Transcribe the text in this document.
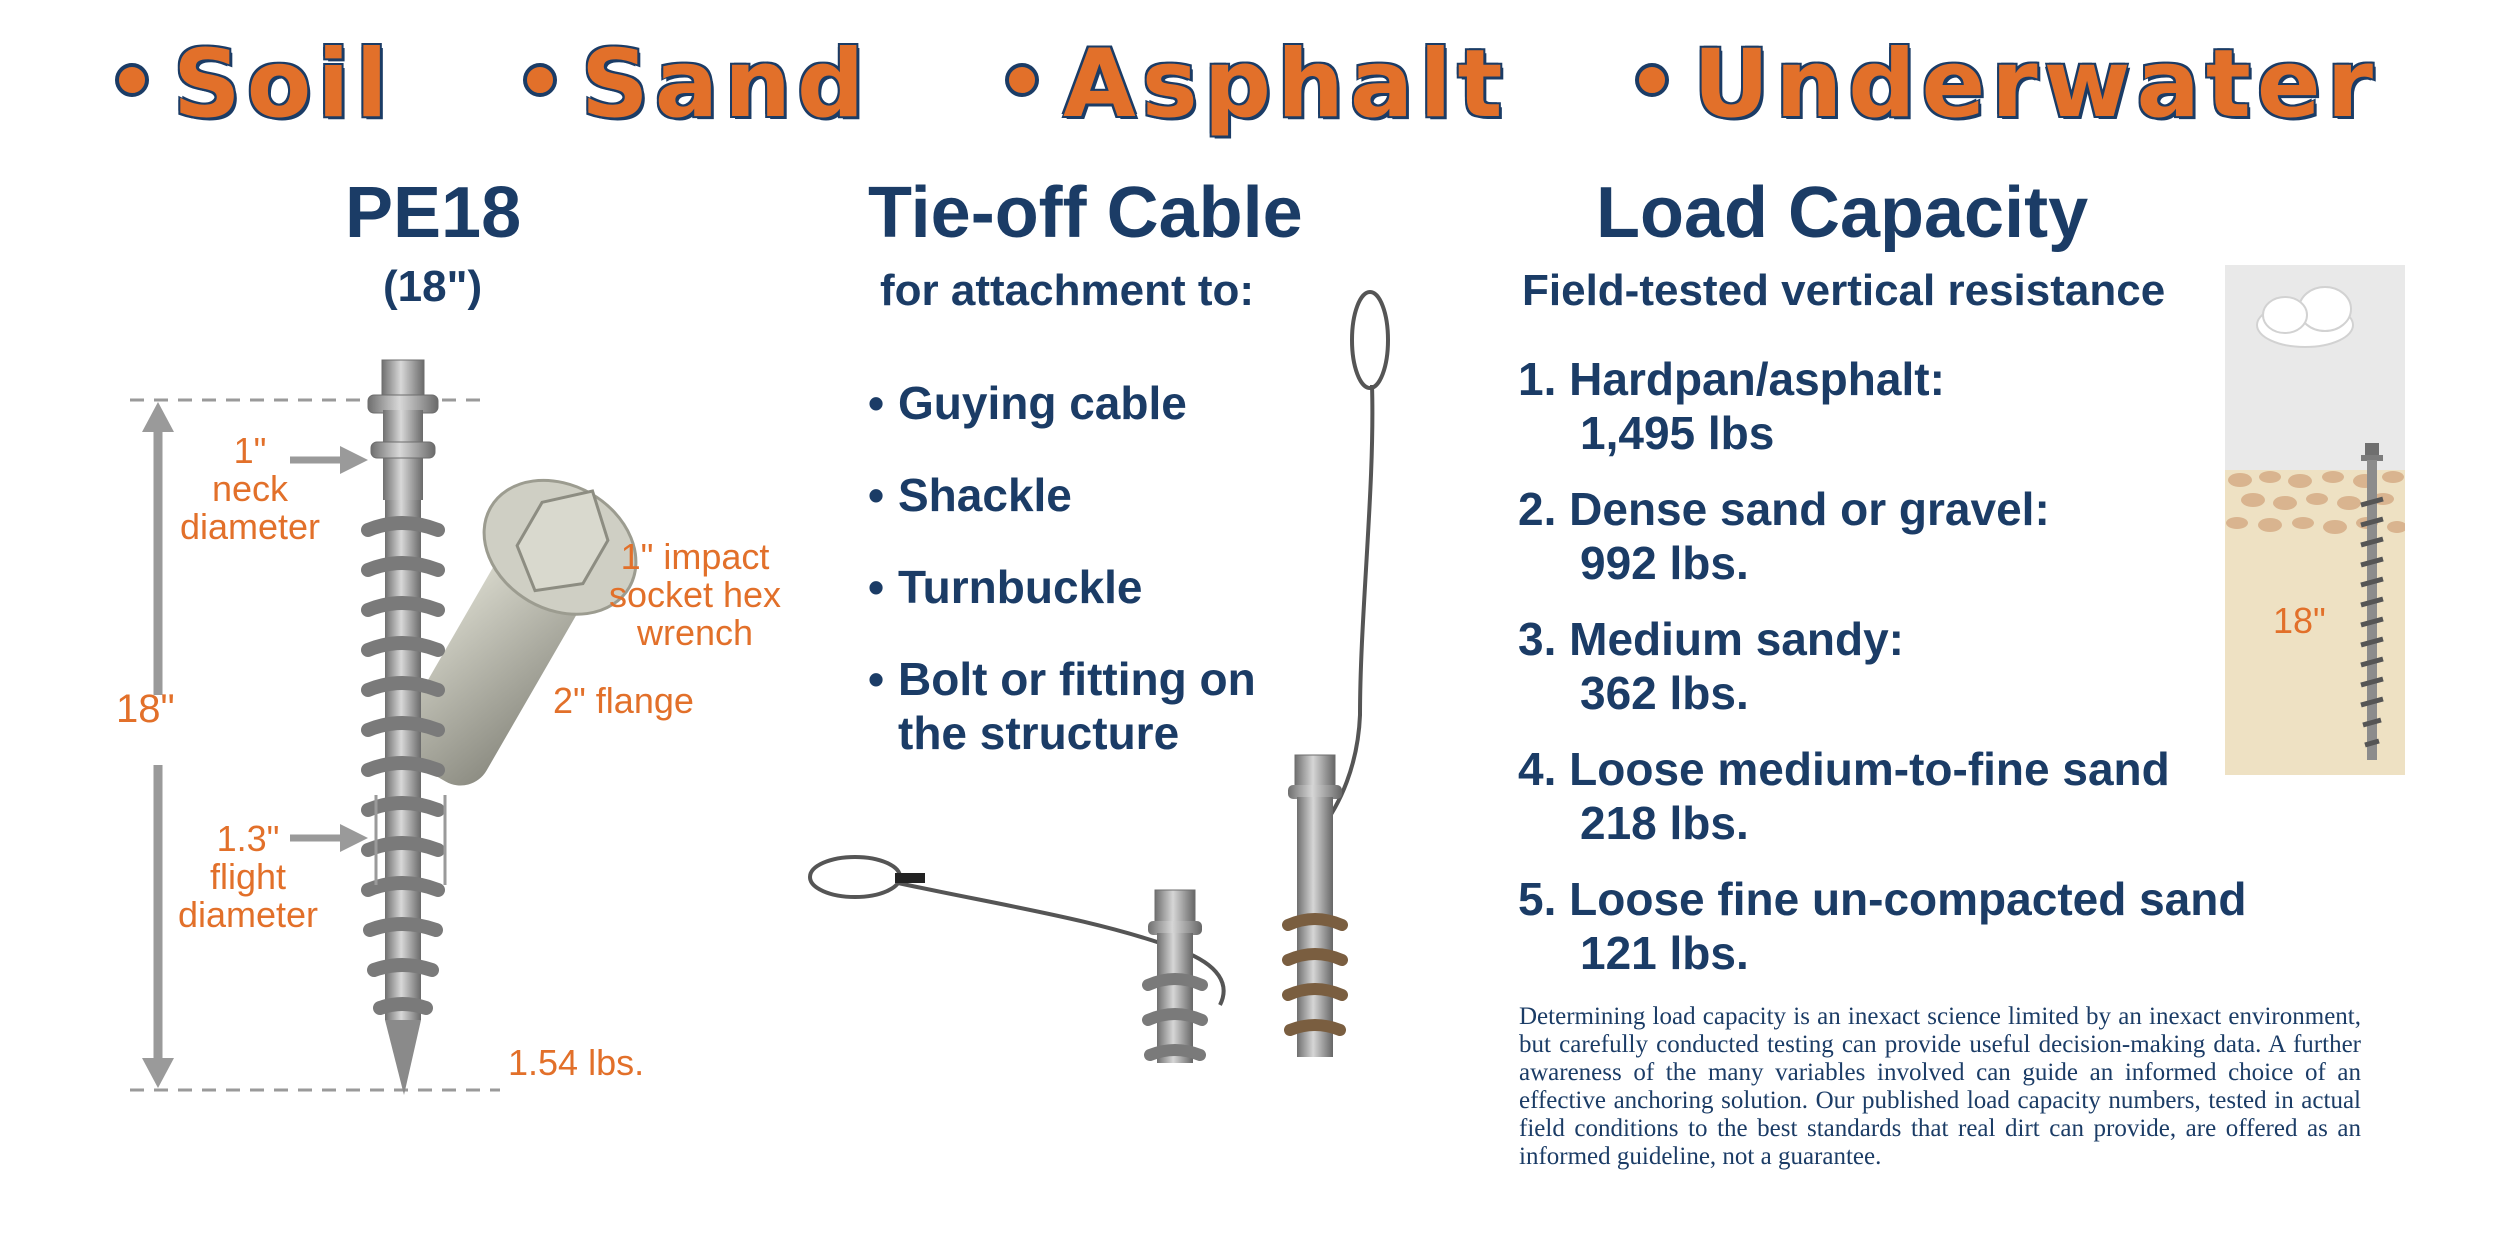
Soil	Sand	Asphalt	Underwater
PE18
(18")
1"
neck
diameter
1" impact
socket hex
wrench
2" flange
18"
1.3"
flight
diameter
1.54 lbs.
Tie-off Cable
for attachment to:
• Guying cable
• Shackle
• Turnbuckle
• Bolt or fitting on
the structure
Load Capacity
Field-tested vertical resistance
1. Hardpan/asphalt:
1,495 lbs
2. Dense sand or gravel:
992 lbs.
3. Medium sandy:
362 lbs.
4. Loose medium-to-fine sand
218 lbs.
5. Loose fine un-compacted sand
121 lbs.
18"
Determining load capacity is an inexact science limited by an inexact environment, but carefully conducted testing can provide useful decision-making data. A further awareness of the many variables involved can guide an informed choice of an effective anchoring solution. Our published load capacity numbers, tested in actual field conditions to the best standards that real dirt can provide, are offered as an informed guideline, not a guarantee.
